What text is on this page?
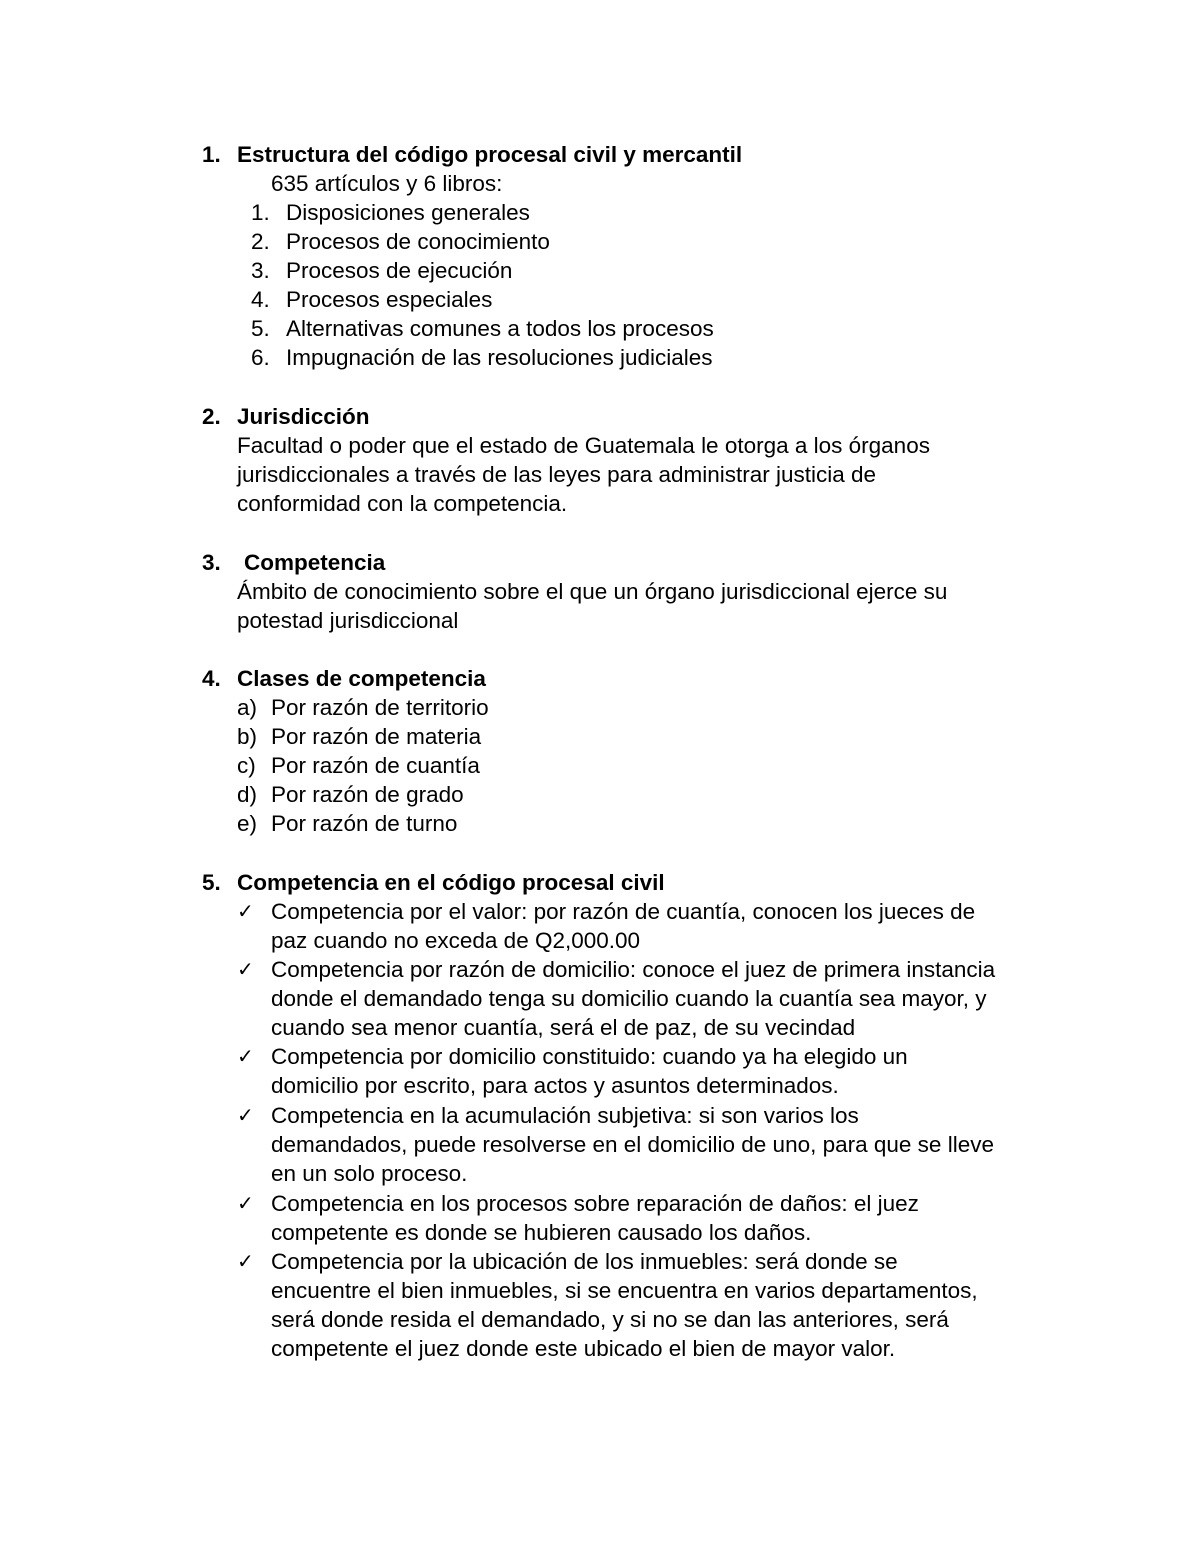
1. Estructura del código procesal civil y mercantil
635 artículos y 6 libros:
1. Disposiciones generales
2. Procesos de conocimiento
3. Procesos de ejecución
4. Procesos especiales
5. Alternativas comunes a todos los procesos
6. Impugnación de las resoluciones judiciales
2. Jurisdicción
Facultad o poder que el estado de Guatemala le otorga a los órganos
jurisdiccionales a través de las leyes para administrar justicia de
conformidad con la competencia.
3. Competencia
Ámbito de conocimiento sobre el que un órgano jurisdiccional ejerce su
potestad jurisdiccional
4. Clases de competencia
a) Por razón de territorio
b) Por razón de materia
c) Por razón de cuantía
d) Por razón de grado
e) Por razón de turno
5. Competencia en el código procesal civil
✓ Competencia por el valor: por razón de cuantía, conocen los jueces de
paz cuando no exceda de Q2,000.00
✓ Competencia por razón de domicilio: conoce el juez de primera instancia
donde el demandado tenga su domicilio cuando la cuantía sea mayor, y
cuando sea menor cuantía, será el de paz, de su vecindad
✓ Competencia por domicilio constituido: cuando ya ha elegido un
domicilio por escrito, para actos y asuntos determinados.
✓ Competencia en la acumulación subjetiva: si son varios los
demandados, puede resolverse en el domicilio de uno, para que se lleve
en un solo proceso.
✓ Competencia en los procesos sobre reparación de daños: el juez
competente es donde se hubieren causado los daños.
✓ Competencia por la ubicación de los inmuebles: será donde se
encuentre el bien inmuebles, si se encuentra en varios departamentos,
será donde resida el demandado, y si no se dan las anteriores, será
competente el juez donde este ubicado el bien de mayor valor.
